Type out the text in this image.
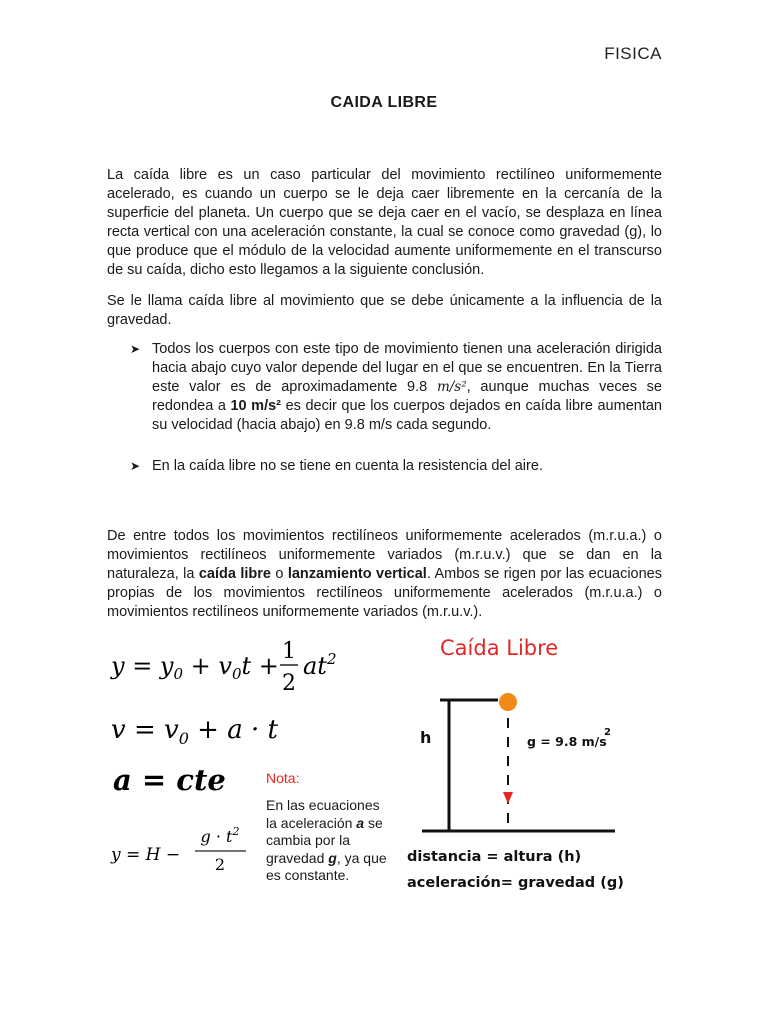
FISICA
CAIDA LIBRE
La caída libre es un caso particular del movimiento rectilíneo uniformemente acelerado, es cuando un cuerpo se le deja caer libremente en la cercanía de la superficie del planeta. Un cuerpo que se deja caer en el vacío, se desplaza en línea recta vertical con una aceleración constante, la cual se conoce como gravedad (g), lo que produce que el módulo de la velocidad aumente uniformemente en el transcurso de su caída, dicho esto llegamos a la siguiente conclusión.
Se le llama caída libre al movimiento que se debe únicamente a la influencia de la gravedad.
➤ Todos los cuerpos con este tipo de movimiento tienen una aceleración dirigida hacia abajo cuyo valor depende del lugar en el que se encuentren. En la Tierra este valor es de aproximadamente 9.8 m/s², aunque muchas veces se redondea a 10 m/s² es decir que los cuerpos dejados en caída libre aumentan su velocidad (hacia abajo) en 9.8 m/s cada segundo.
➤ En la caída libre no se tiene en cuenta la resistencia del aire.
De entre todos los movimientos rectilíneos uniformemente acelerados (m.r.u.a.) o movimientos rectilíneos uniformemente variados (m.r.u.v.) que se dan en la naturaleza, la caída libre o lanzamiento vertical. Ambos se rigen por las ecuaciones propias de los movimientos rectilíneos uniformemente acelerados (m.r.u.a.) o movimientos rectilíneos uniformemente variados (m.r.u.v.).
$y = y_0 + v_0t$ +
1
2
$at^2$
$v = v_0 + a \cdot t$
a = cte
y = H −
$g \cdot t^2$
2
Nota:
En las ecuaciones la aceleración a se cambia por la gravedad g, ya que es constante.
Caída Libre
h	g = 9.8 m/s
2
distancia = altura (h)
aceleración= gravedad (g)
